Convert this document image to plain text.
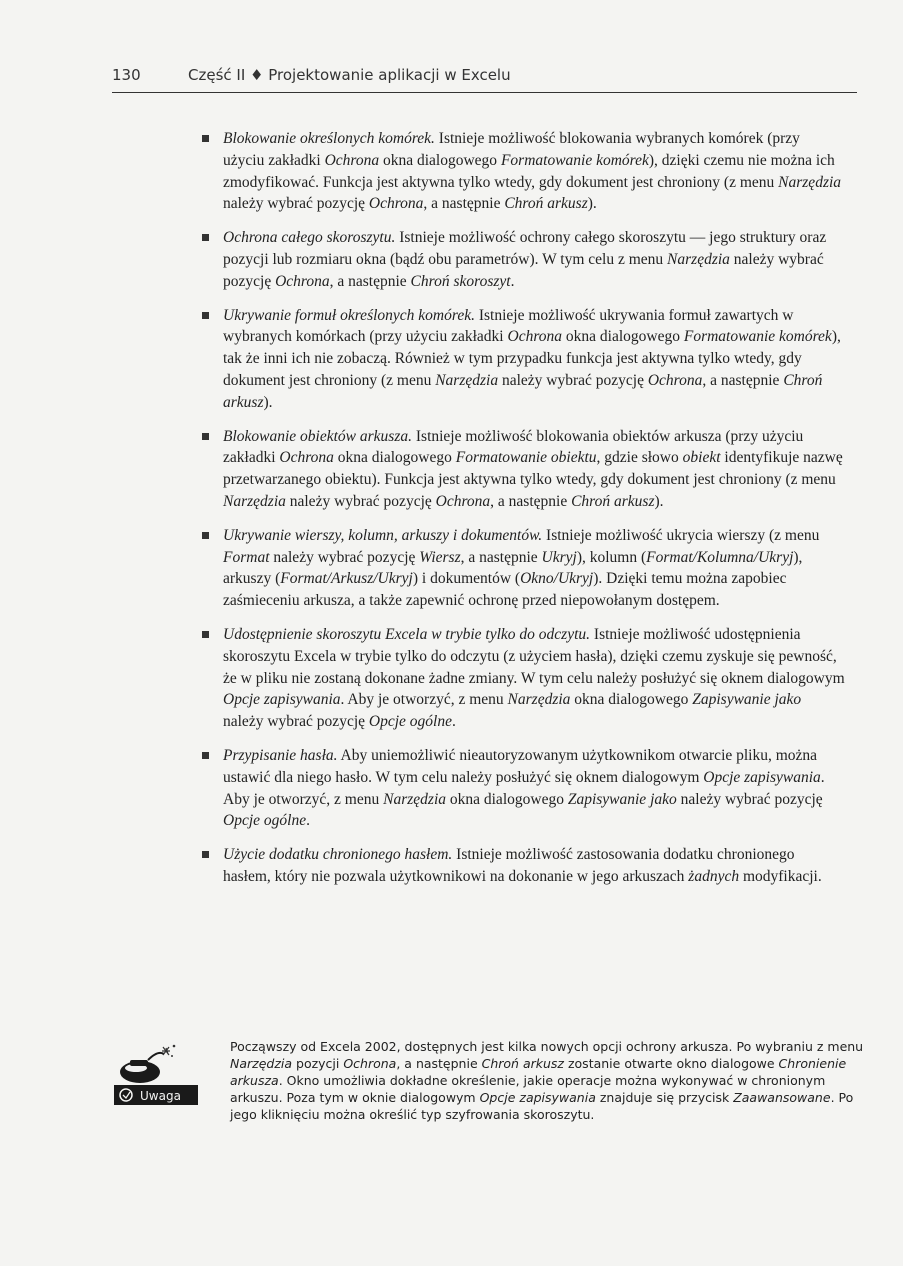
130	Część II ♦ Projektowanie aplikacji w Excelu

Blokowanie określonych komórek. Istnieje możliwość blokowania wybranych komórek (przy użyciu zakładki Ochrona okna dialogowego Formatowanie komórek), dzięki czemu nie można ich zmodyfikować. Funkcja jest aktywna tylko wtedy, gdy dokument jest chroniony (z menu Narzędzia należy wybrać pozycję Ochrona, a następnie Chroń arkusz).

Ochrona całego skoroszytu. Istnieje możliwość ochrony całego skoroszytu — jego struktury oraz pozycji lub rozmiaru okna (bądź obu parametrów). W tym celu z menu Narzędzia należy wybrać pozycję Ochrona, a następnie Chroń skoroszyt.

Ukrywanie formuł określonych komórek. Istnieje możliwość ukrywania formuł zawartych w wybranych komórkach (przy użyciu zakładki Ochrona okna dialogowego Formatowanie komórek), tak że inni ich nie zobaczą. Również w tym przypadku funkcja jest aktywna tylko wtedy, gdy dokument jest chroniony (z menu Narzędzia należy wybrać pozycję Ochrona, a następnie Chroń arkusz).

Blokowanie obiektów arkusza. Istnieje możliwość blokowania obiektów arkusza (przy użyciu zakładki Ochrona okna dialogowego Formatowanie obiektu, gdzie słowo obiekt identyfikuje nazwę przetwarzanego obiektu). Funkcja jest aktywna tylko wtedy, gdy dokument jest chroniony (z menu Narzędzia należy wybrać pozycję Ochrona, a następnie Chroń arkusz).

Ukrywanie wierszy, kolumn, arkuszy i dokumentów. Istnieje możliwość ukrycia wierszy (z menu Format należy wybrać pozycję Wiersz, a następnie Ukryj), kolumn (Format/Kolumna/Ukryj), arkuszy (Format/Arkusz/Ukryj) i dokumentów (Okno/Ukryj). Dzięki temu można zapobiec zaśmieceniu arkusza, a także zapewnić ochronę przed niepowołanym dostępem.

Udostępnienie skoroszytu Excela w trybie tylko do odczytu. Istnieje możliwość udostępnienia skoroszytu Excela w trybie tylko do odczytu (z użyciem hasła), dzięki czemu zyskuje się pewność, że w pliku nie zostaną dokonane żadne zmiany. W tym celu należy posłużyć się oknem dialogowym Opcje zapisywania. Aby je otworzyć, z menu Narzędzia okna dialogowego Zapisywanie jako należy wybrać pozycję Opcje ogólne.

Przypisanie hasła. Aby uniemożliwić nieautoryzowanym użytkownikom otwarcie pliku, można ustawić dla niego hasło. W tym celu należy posłużyć się oknem dialogowym Opcje zapisywania. Aby je otworzyć, z menu Narzędzia okna dialogowego Zapisywanie jako należy wybrać pozycję Opcje ogólne.

Użycie dodatku chronionego hasłem. Istnieje możliwość zastosowania dodatku chronionego hasłem, który nie pozwala użytkownikowi na dokonanie w jego arkuszach żadnych modyfikacji.

Uwaga

Począwszy od Excela 2002, dostępnych jest kilka nowych opcji ochrony arkusza. Po wybraniu z menu Narzędzia pozycji Ochrona, a następnie Chroń arkusz zostanie otwarte okno dialogowe Chronienie arkusza. Okno umożliwia dokładne określenie, jakie operacje można wykonywać w chronionym arkuszu. Poza tym w oknie dialogowym Opcje zapisywania znajduje się przycisk Zaawansowane. Po jego kliknięciu można określić typ szyfrowania skoroszytu.
